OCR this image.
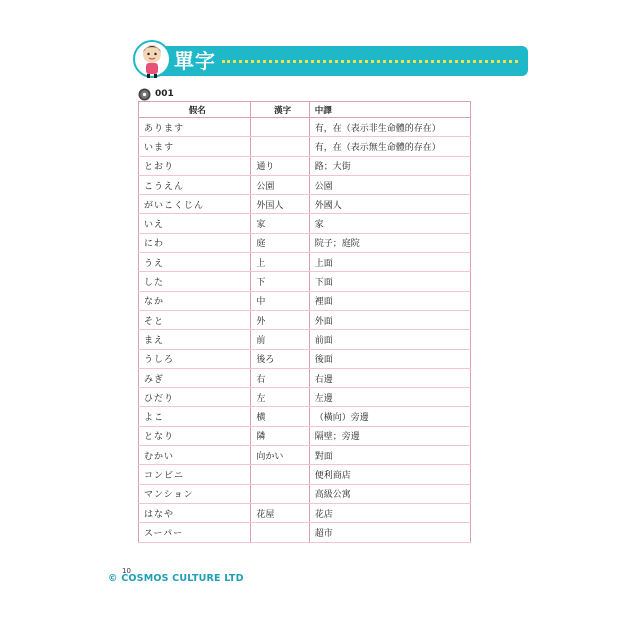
單字
001
假名	漢字	中譯
あります		有，在（表示非生命體的存在）
います		有，在（表示無生命體的存在）
とおり	通り	路；大街
こうえん	公園	公園
がいこくじん	外国人	外國人
いえ	家	家
にわ	庭	院子；庭院
うえ	上	上面
した	下	下面
なか	中	裡面
そと	外	外面
まえ	前	前面
うしろ	後ろ	後面
みぎ	右	右邊
ひだり	左	左邊
よこ	横	（橫向）旁邊
となり	隣	隔壁；旁邊
むかい	向かい	對面
コンビニ		便利商店
マンション		高級公寓
はなや	花屋	花店
スーパー		超市
10
© COSMOS CULTURE LTD
